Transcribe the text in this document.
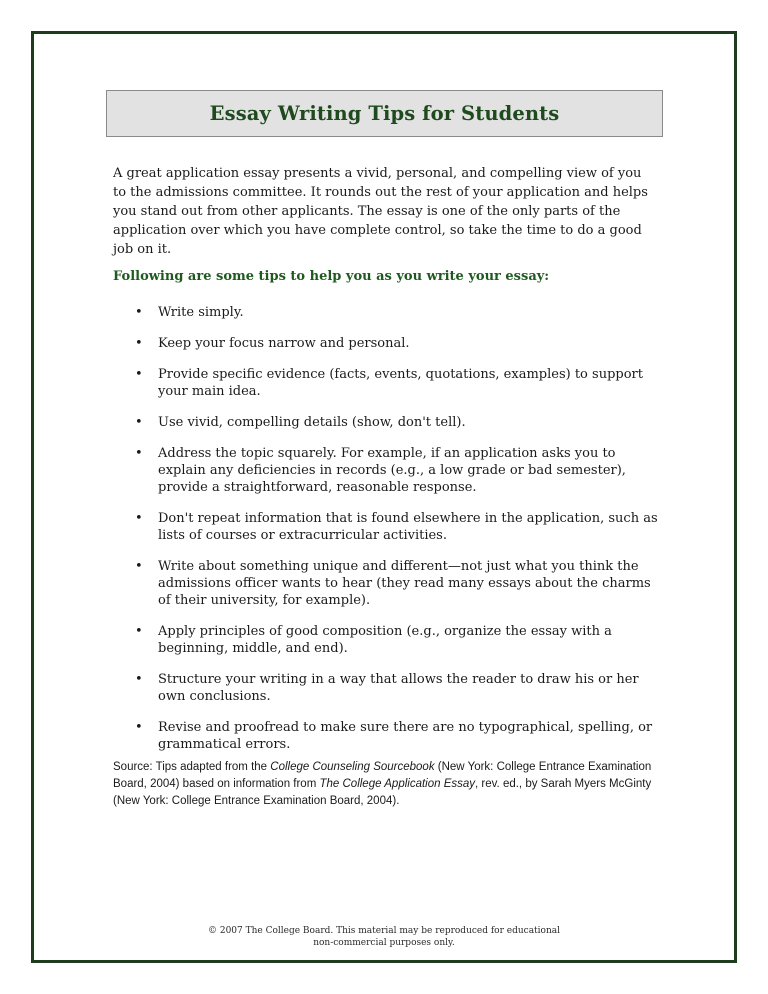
Essay Writing Tips for Students

A great application essay presents a vivid, personal, and compelling view of you to the admissions committee. It rounds out the rest of your application and helps you stand out from other applicants. The essay is one of the only parts of the application over which you have complete control, so take the time to do a good job on it.

Following are some tips to help you as you write your essay:

• Write simply.
• Keep your focus narrow and personal.
• Provide specific evidence (facts, events, quotations, examples) to support your main idea.
• Use vivid, compelling details (show, don't tell).
• Address the topic squarely. For example, if an application asks you to explain any deficiencies in records (e.g., a low grade or bad semester), provide a straightforward, reasonable response.
• Don't repeat information that is found elsewhere in the application, such as lists of courses or extracurricular activities.
• Write about something unique and different—not just what you think the admissions officer wants to hear (they read many essays about the charms of their university, for example).
• Apply principles of good composition (e.g., organize the essay with a beginning, middle, and end).
• Structure your writing in a way that allows the reader to draw his or her own conclusions.
• Revise and proofread to make sure there are no typographical, spelling, or grammatical errors.

Source: Tips adapted from the College Counseling Sourcebook (New York: College Entrance Examination Board, 2004) based on information from The College Application Essay, rev. ed., by Sarah Myers McGinty (New York: College Entrance Examination Board, 2004).

© 2007 The College Board. This material may be reproduced for educational
non-commercial purposes only.
